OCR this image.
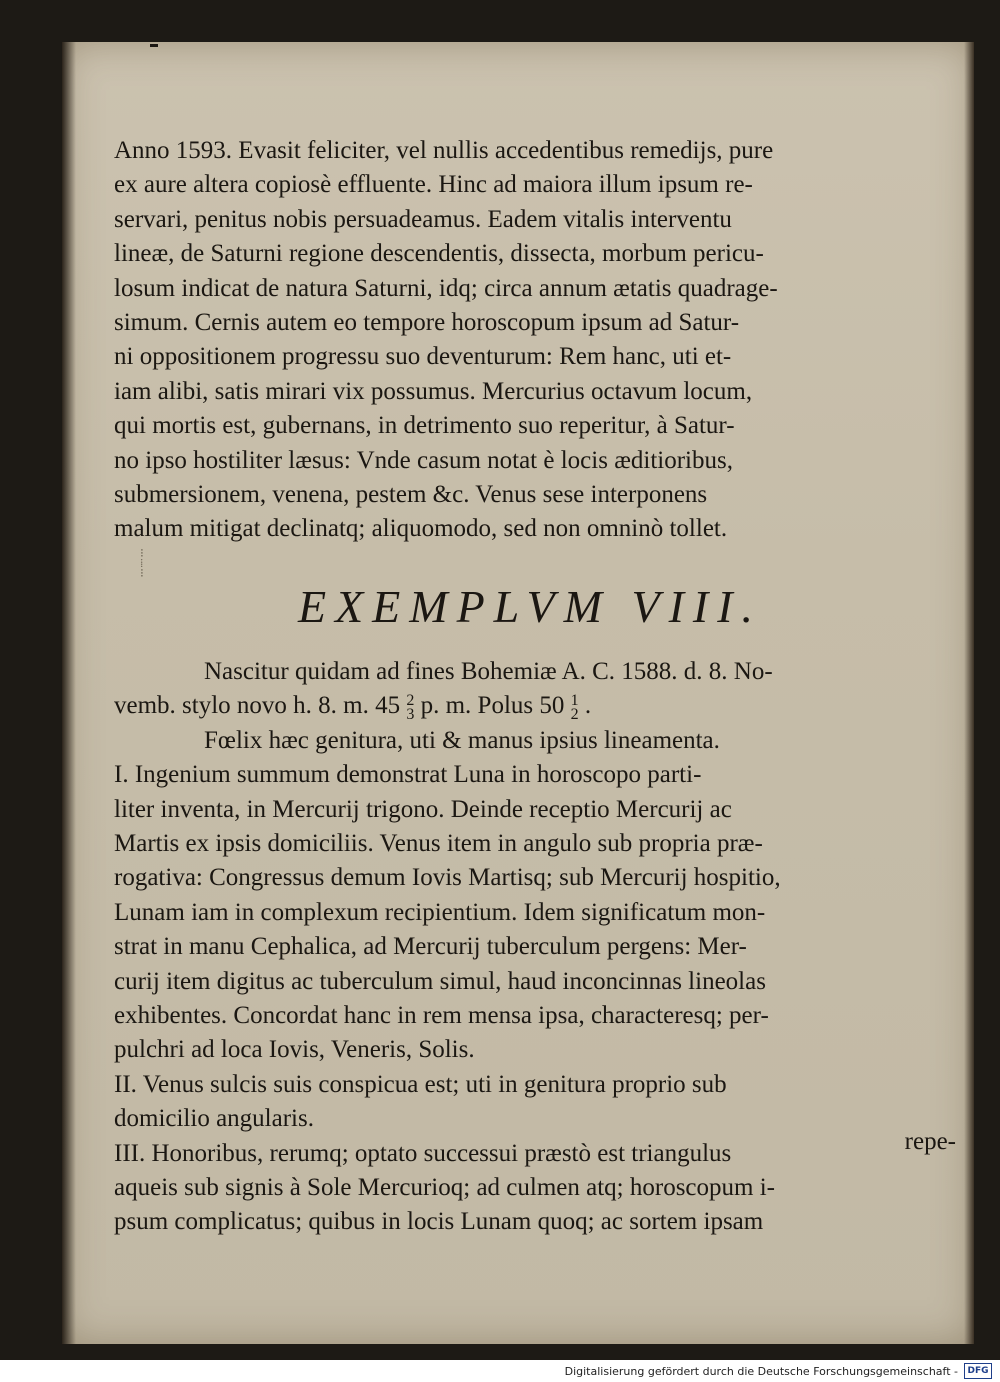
⁝
⁞
⁝
Anno 1593. Evasit feliciter, vel nullis accedentibus remedijs, pure
ex aure altera copiosè effluente. Hinc ad maiora illum ipsum re-
servari, penitus nobis persuadeamus. Eadem vitalis interventu
lineæ, de Saturni regione descendentis, dissecta, morbum pericu-
losum indicat de natura Saturni, idq; circa annum ætatis quadrage-
simum. Cernis autem eo tempore horoscopum ipsum ad Satur-
ni oppositionem progressu suo deventurum: Rem hanc, uti et-
iam alibi, satis mirari vix possumus. Mercurius octavum locum,
qui mortis est, gubernans, in detrimento suo reperitur, à Satur-
no ipso hostiliter læsus: Vnde casum notat è locis æditioribus,
submersionem, venena, pestem &c. Venus sese interponens
malum mitigat declinatq; aliquomodo, sed non omninò tollet.
EXEMPLVM VIII.
Nascitur quidam ad fines Bohemiæ A. C. 1588. d. 8. No-
vemb. stylo novo h. 8. m. 45 2
3 p. m. Polus 50 1
2 .
Fœlix hæc genitura, uti & manus ipsius lineamenta.
I. Ingenium summum demonstrat Luna in horoscopo parti-
liter inventa, in Mercurij trigono. Deinde receptio Mercurij ac
Martis ex ipsis domiciliis. Venus item in angulo sub propria præ-
rogativa: Congressus demum Iovis Martisq; sub Mercurij hospitio,
Lunam iam in complexum recipientium. Idem significatum mon-
strat in manu Cephalica, ad Mercurij tuberculum pergens: Mer-
curij item digitus ac tuberculum simul, haud inconcinnas lineolas
exhibentes. Concordat hanc in rem mensa ipsa, characteresq; per-
pulchri ad loca Iovis, Veneris, Solis.
II. Venus sulcis suis conspicua est; uti in genitura proprio sub
domicilio angularis.
III. Honoribus, rerumq; optato successui præstò est triangulus
aqueis sub signis à Sole Mercurioq; ad culmen atq; horoscopum i-
psum complicatus; quibus in locis Lunam quoq; ac sortem ipsam
repe-
Digitalisierung gefördert durch die Deutsche Forschungsgemeinschaft -	DFG
